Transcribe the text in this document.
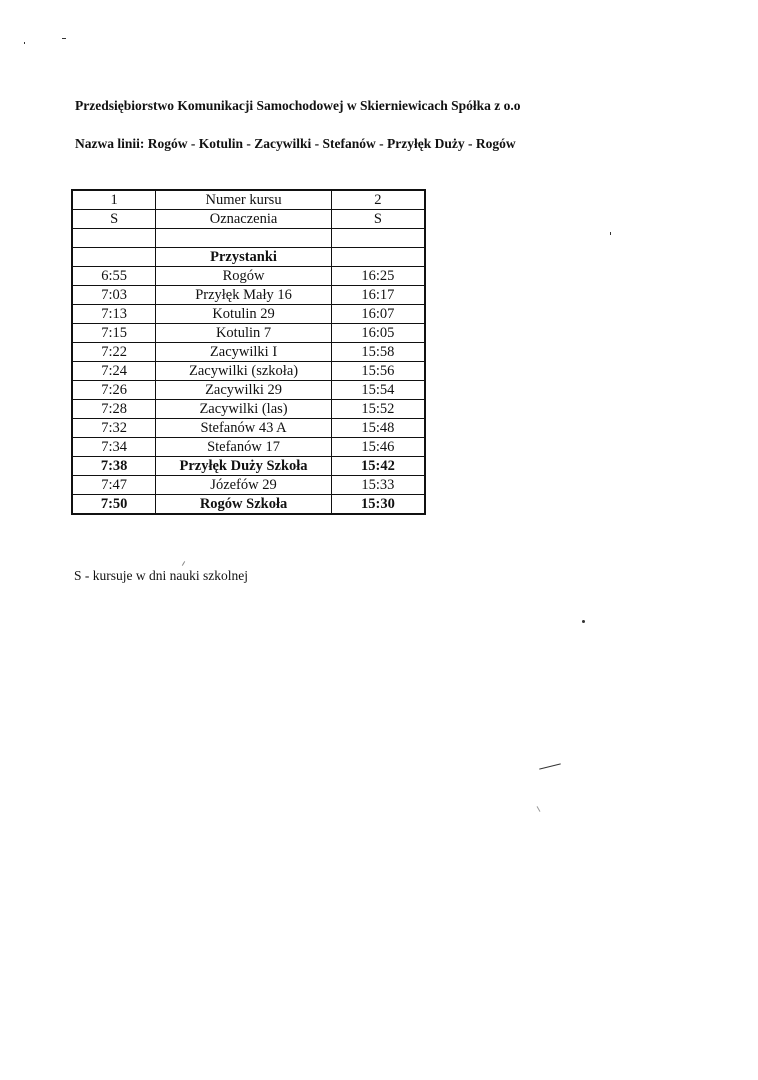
Przedsiębiorstwo Komunikacji Samochodowej w Skierniewicach Spółka z o.o
Nazwa linii: Rogów - Kotulin - Zacywilki - Stefanów - Przyłęk Duży - Rogów
1	Numer kursu	2
S	Oznaczenia	S

	Przystanki	
6:55	Rogów	16:25
7:03	Przyłęk Mały 16	16:17
7:13	Kotulin 29	16:07
7:15	Kotulin 7	16:05
7:22	Zacywilki I	15:58
7:24	Zacywilki (szkoła)	15:56
7:26	Zacywilki 29	15:54
7:28	Zacywilki (las)	15:52
7:32	Stefanów 43 A	15:48
7:34	Stefanów 17	15:46
7:38	Przyłęk Duży Szkoła	15:42
7:47	Józefów 29	15:33
7:50	Rogów Szkoła	15:30
S - kursuje w dni nauki szkolnej
